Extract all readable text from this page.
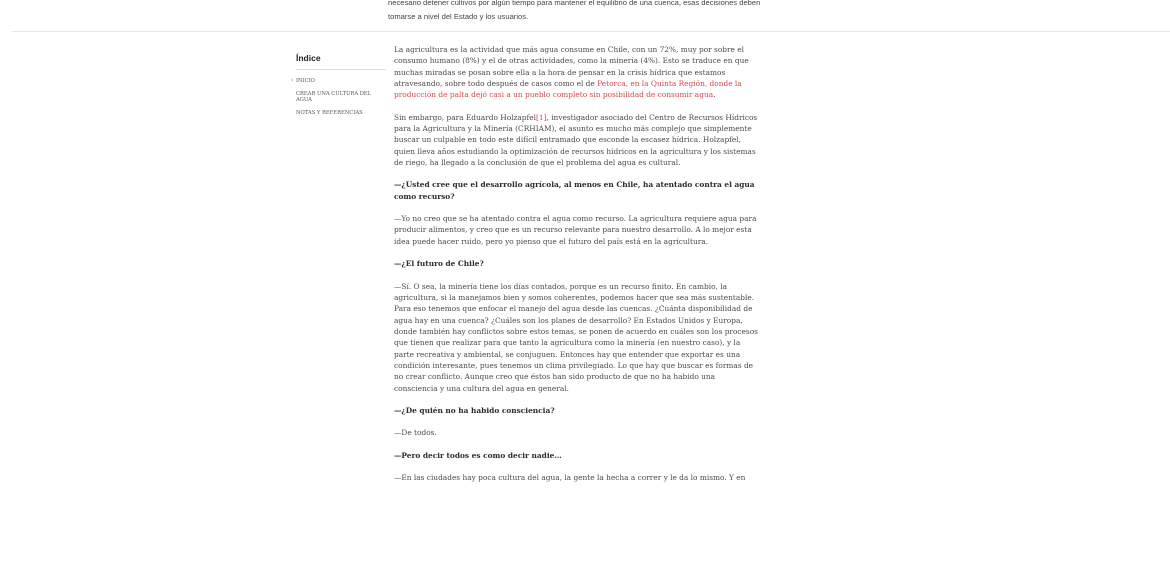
necesario detener cultivos por algún tiempo para mantener el equilibrio de una cuenca, esas decisiones deben tomarse a nivel del Estado y los usuarios.
Índice
› INICIO
CREAR UNA CULTURA DEL AGUA
NOTAS Y REFERENCIAS

La agricultura es la actividad que más agua consume en Chile, con un 72%, muy por sobre el consumo humano (8%) y el de otras actividades, como la minería (4%). Esto se traduce en que muchas miradas se posan sobre ella a la hora de pensar en la crisis hídrica que estamos atravesando, sobre todo después de casos como el de Petorca, en la Quinta Región, donde la producción de palta dejó casi a un pueblo completo sin posibilidad de consumir agua.

Sin embargo, para Eduardo Holzapfel[1], investigador asociado del Centro de Recursos Hídricos para la Agricultura y la Minería (CRHIAM), el asunto es mucho más complejo que simplemente buscar un culpable en todo este difícil entramado que esconde la escasez hídrica. Holzapfel, quien lleva años estudiando la optimización de recursos hídricos en la agricultura y los sistemas de riego, ha llegado a la conclusión de que el problema del agua es cultural.

—¿Usted cree que el desarrollo agrícola, al menos en Chile, ha atentado contra el agua como recurso?

—Yo no creo que se ha atentado contra el agua como recurso. La agricultura requiere agua para producir alimentos, y creo que es un recurso relevante para nuestro desarrollo. A lo mejor esta idea puede hacer ruido, pero yo pienso que el futuro del país está en la agricultura.

—¿El futuro de Chile?

—Sí. O sea, la minería tiene los días contados, porque es un recurso finito. En cambio, la agricultura, si la manejamos bien y somos coherentes, podemos hacer que sea más sustentable. Para eso tenemos que enfocar el manejo del agua desde las cuencas. ¿Cuánta disponibilidad de agua hay en una cuenca? ¿Cuáles son los planes de desarrollo? En Estados Unidos y Europa, donde también hay conflictos sobre estos temas, se ponen de acuerdo en cuáles son los procesos que tienen que realizar para que tanto la agricultura como la minería (en nuestro caso), y la parte recreativa y ambiental, se conjuguen. Entonces hay que entender que exportar es una condición interesante, pues tenemos un clima privilegiado. Lo que hay que buscar es formas de no crear conflicto. Aunque creo que éstos han sido producto de que no ha habido una consciencia y una cultura del agua en general.

—¿De quién no ha habido consciencia?

—De todos.

—Pero decir todos es como decir nadie…

—En las ciudades hay poca cultura del agua, la gente la hecha a correr y le da lo mismo. Y en
